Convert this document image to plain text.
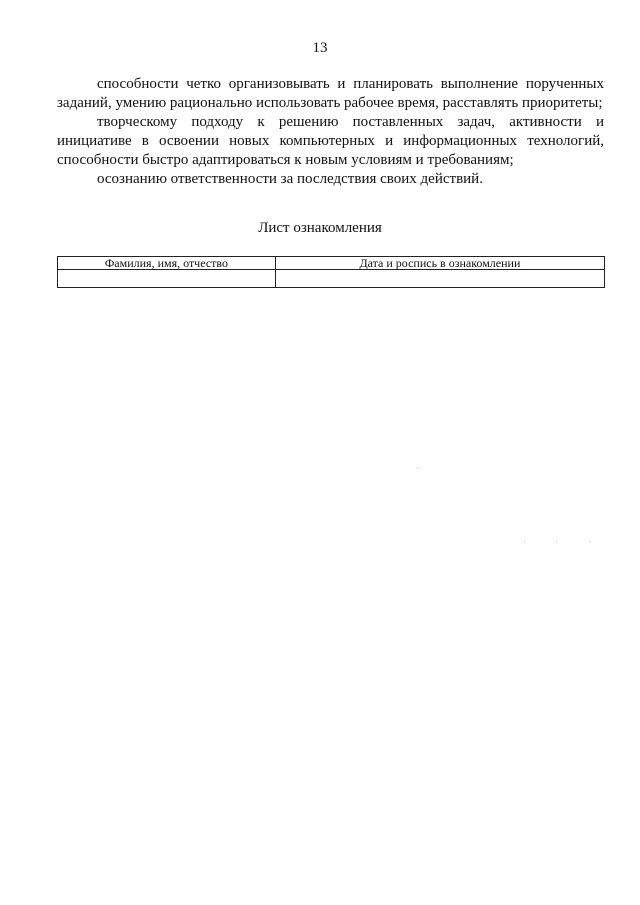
13

способности четко организовывать и планировать выполнение порученных заданий, умению рационально использовать рабочее время, расставлять приоритеты;

творческому подходу к решению поставленных задач, активности и инициативе в освоении новых компьютерных и информационных технологий, способности быстро адаптироваться к новым условиям и требованиям;

осознанию ответственности за последствия своих действий.

Лист ознакомления
Фамилия, имя, отчество	Дата и роспись в ознакомлении
